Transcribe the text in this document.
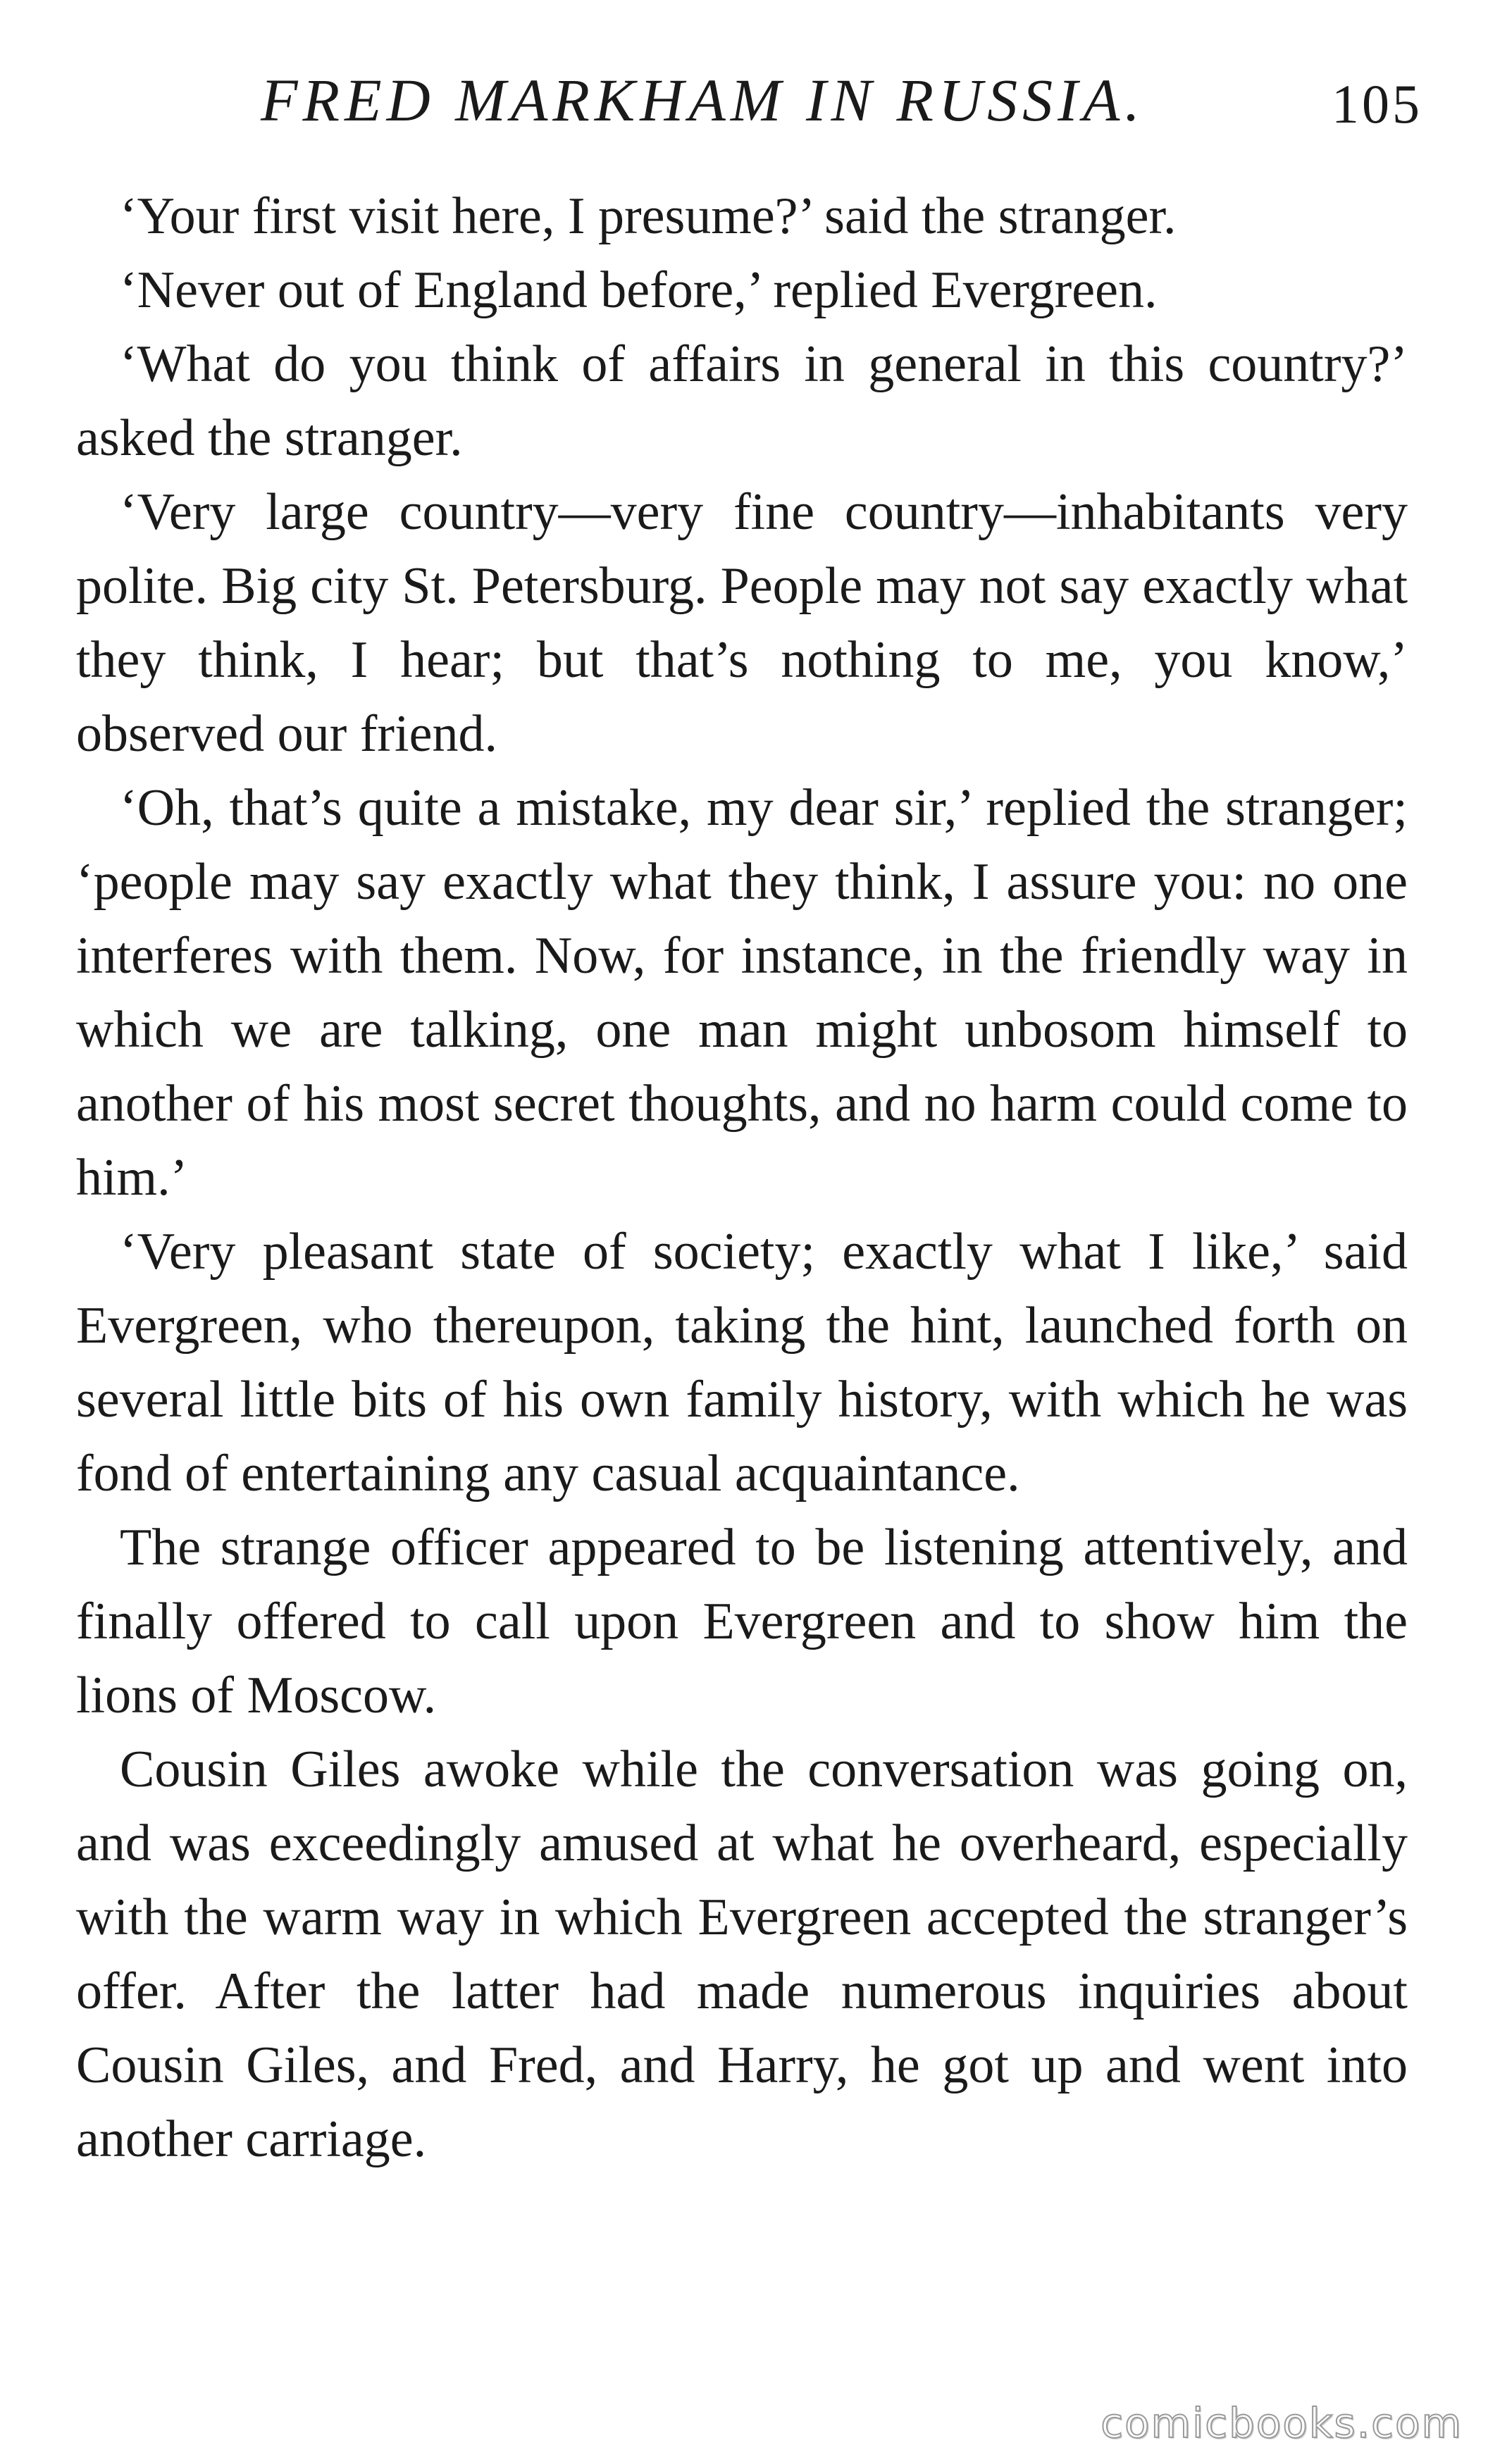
FRED MARKHAM IN RUSSIA.	105

‘Your first visit here, I presume?’ said the stranger.

‘Never out of England before,’ replied Evergreen.

‘What do you think of affairs in general in this country?’ asked the stranger.

‘Very large country—very fine country—inhabitants very polite. Big city St. Petersburg. People may not say exactly what they think, I hear; but that’s nothing to me, you know,’ observed our friend.

‘Oh, that’s quite a mistake, my dear sir,’ replied the stranger; ‘people may say exactly what they think, I assure you: no one interferes with them. Now, for instance, in the friendly way in which we are talking, one man might unbosom himself to another of his most secret thoughts, and no harm could come to him.’

‘Very pleasant state of society; exactly what I like,’ said Evergreen, who thereupon, taking the hint, launched forth on several little bits of his own family history, with which he was fond of entertaining any casual acquaintance.

The strange officer appeared to be listening attentively, and finally offered to call upon Evergreen and to show him the lions of Moscow.

Cousin Giles awoke while the conversation was going on, and was exceedingly amused at what he overheard, especially with the warm way in which Evergreen accepted the stranger’s offer. After the latter had made numerous inquiries about Cousin Giles, and Fred, and Harry, he got up and went into another carriage.

comicbooks.com
